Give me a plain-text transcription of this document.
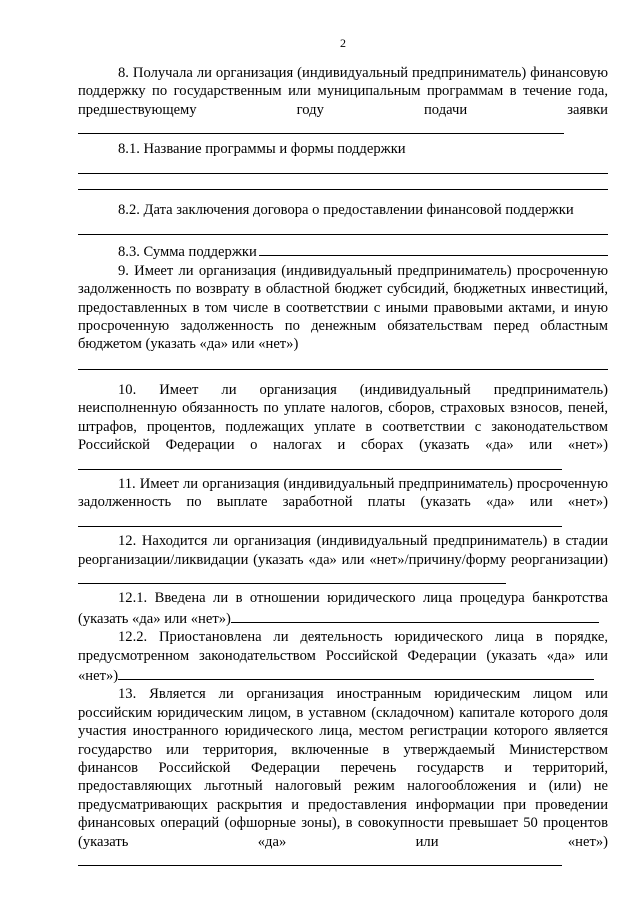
2

8. Получала ли организация (индивидуальный предприниматель) финансовую поддержку по государственным или муниципальным программам в течение года, предшествующему году подачи заявки

8.1. Название программы и формы поддержки

8.2. Дата заключения договора о предоставлении финансовой поддержки

8.3. Сумма поддержки

9. Имеет ли организация (индивидуальный предприниматель) просроченную задолженность по возврату в областной бюджет субсидий, бюджетных инвестиций, предоставленных в том числе в соответствии с иными правовыми актами, и иную просроченную задолженность по денежным обязательствам перед областным бюджетом (указать «да» или «нет»)

10. Имеет ли организация (индивидуальный предприниматель) неисполненную обязанность по уплате налогов, сборов, страховых взносов, пеней, штрафов, процентов, подлежащих уплате в соответствии с законодательством Российской Федерации о налогах и сборах (указать «да» или «нет»)

11. Имеет ли организация (индивидуальный предприниматель) просроченную задолженность по выплате заработной платы (указать «да» или «нет»)

12. Находится ли организация (индивидуальный предприниматель) в стадии реорганизации/ликвидации (указать «да» или «нет»/причину/форму реорганизации)

12.1. Введена ли в отношении юридического лица процедура банкротства (указать «да» или «нет»)

12.2. Приостановлена ли деятельность юридического лица в порядке, предусмотренном законодательством Российской Федерации (указать «да» или «нет»)

13. Является ли организация иностранным юридическим лицом или российским юридическим лицом, в уставном (складочном) капитале которого доля участия иностранного юридического лица, местом регистрации которого является государство или территория, включенные в утверждаемый Министерством финансов Российской Федерации перечень государств и территорий, предоставляющих льготный налоговый режим налогообложения и (или) не предусматривающих раскрытия и предоставления информации при проведении финансовых операций (офшорные зоны), в совокупности превышает 50 процентов (указать «да» или «нет»)
